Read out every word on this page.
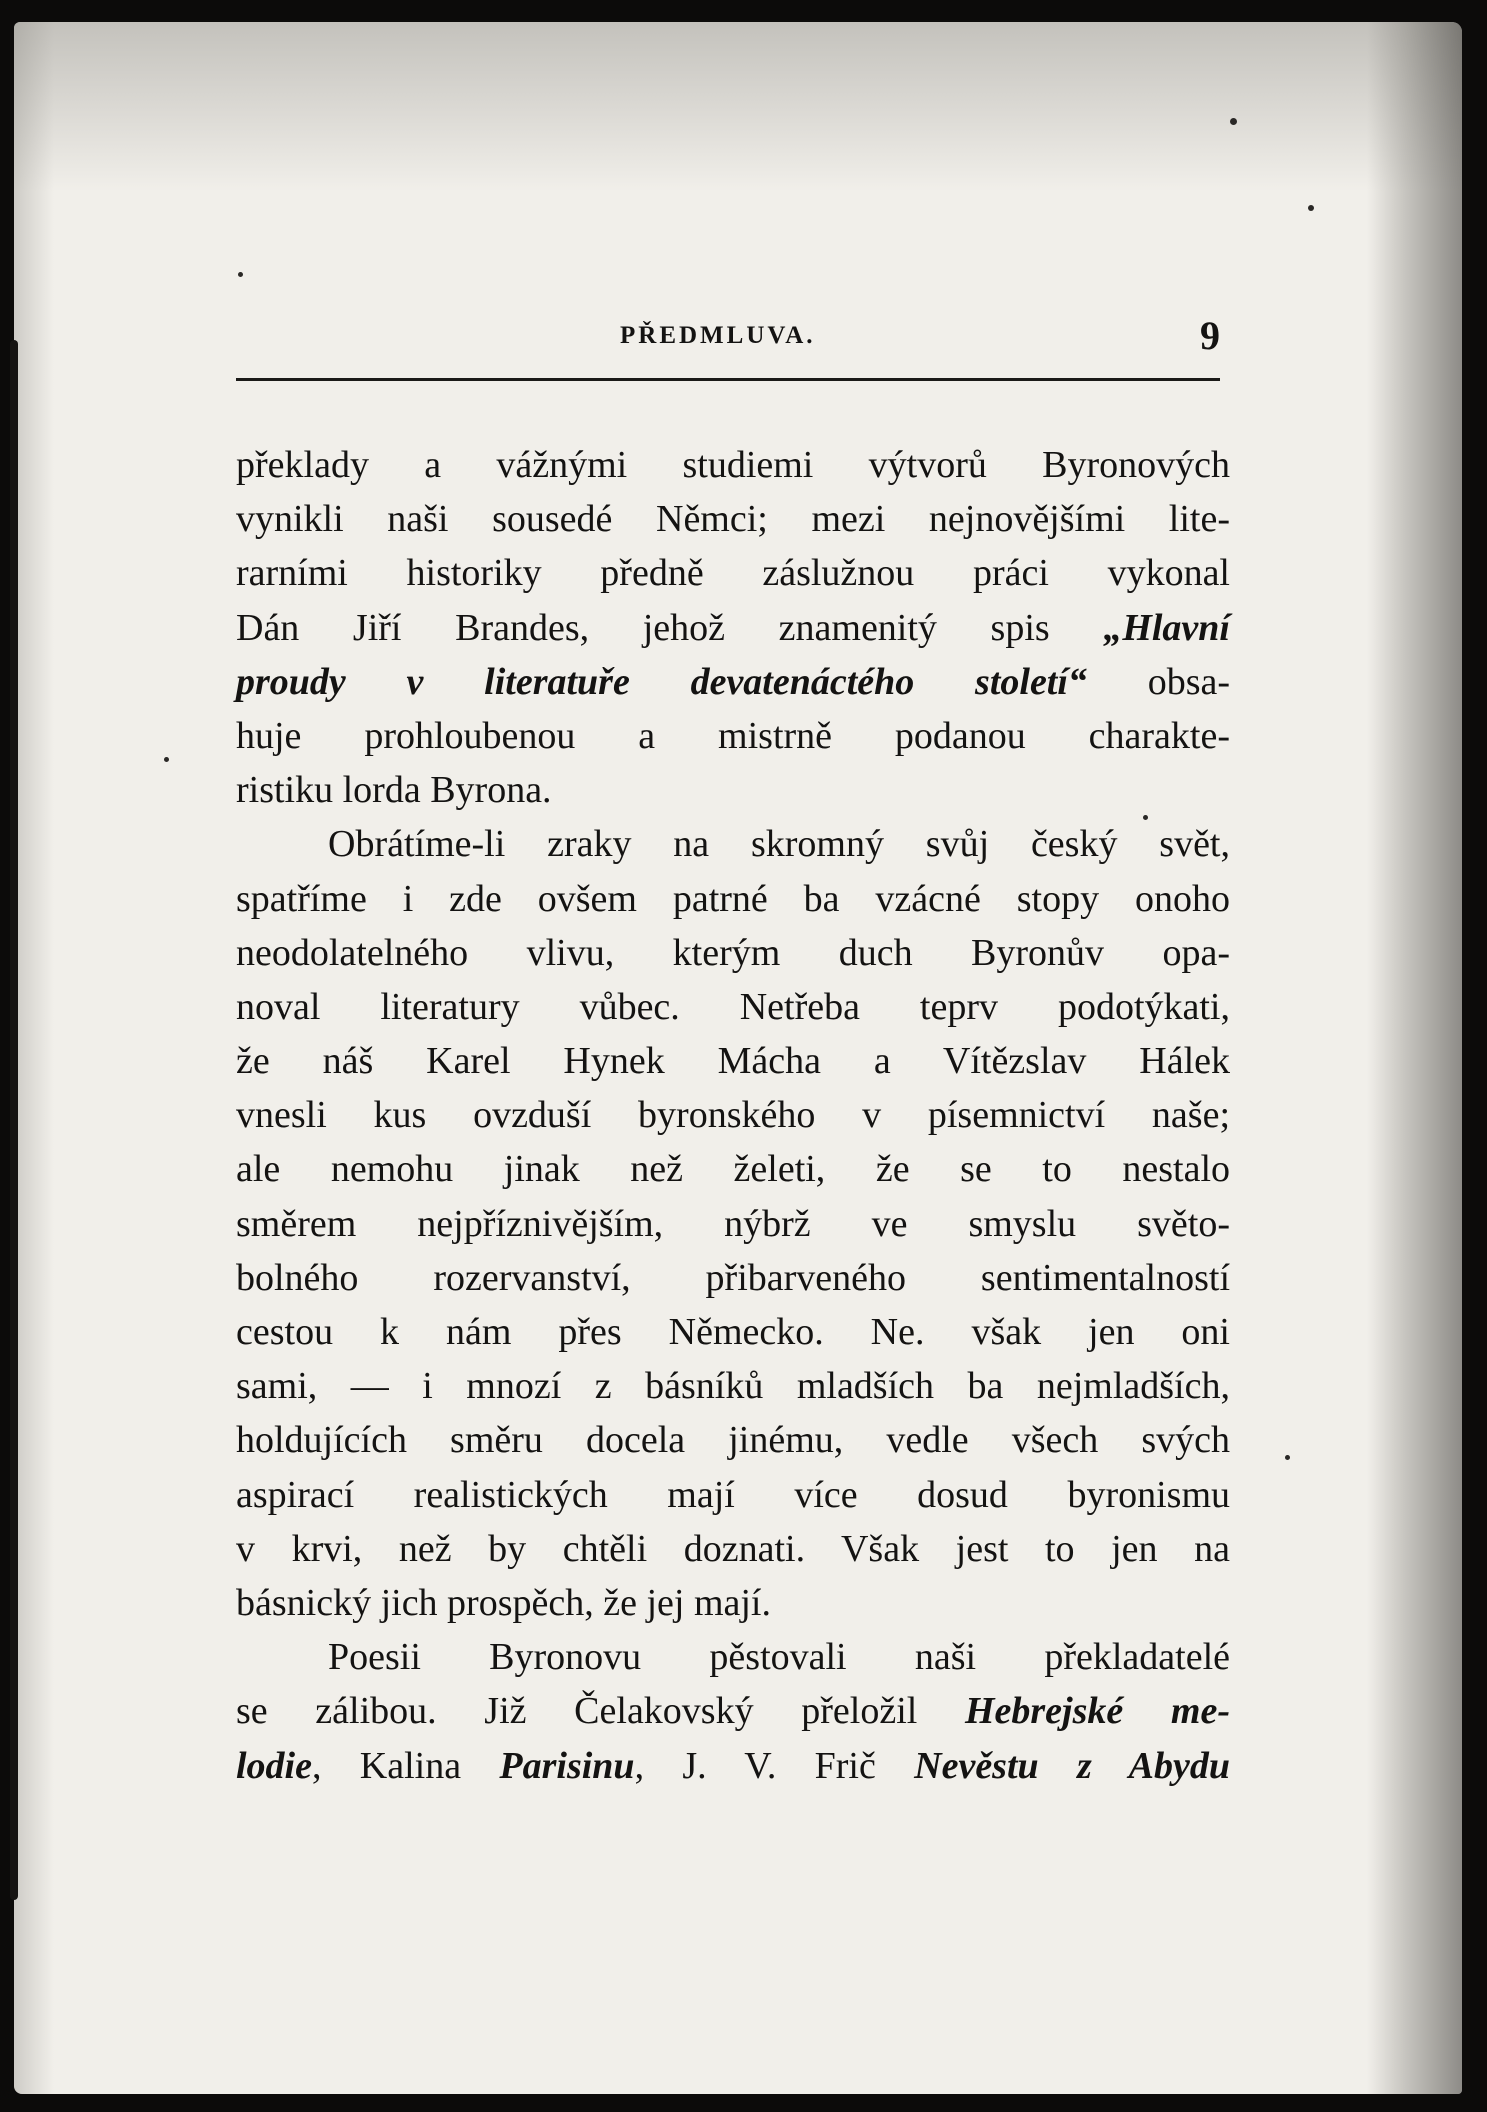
PŘEDMLUVA.	9
překlady a vážnými studiemi výtvorů Byronových
vynikli naši sousedé Němci; mezi nejnovějšími lite-
rarními historiky předně záslužnou práci vykonal
Dán Jiří Brandes, jehož znamenitý spis „Hlavní
proudy v literatuře devatenáctého století“ obsa-
huje prohloubenou a mistrně podanou charakte-
ristiku lorda Byrona.
Obrátíme-li zraky na skromný svůj český svět,
spatříme i zde ovšem patrné ba vzácné stopy onoho
neodolatelného vlivu, kterým duch Byronův opa-
noval literatury vůbec. Netřeba teprv podotýkati,
že náš Karel Hynek Mácha a Vítězslav Hálek
vnesli kus ovzduší byronského v písemnictví naše;
ale nemohu jinak než želeti, že se to nestalo
směrem nejpříznivějším, nýbrž ve smyslu světo-
bolného rozervanství, přibarveného sentimentalností
cestou k nám přes Německo. Ne. však jen oni
sami, — i mnozí z básníků mladších ba nejmladších,
holdujících směru docela jinému, vedle všech svých
aspirací realistických mají více dosud byronismu
v krvi, než by chtěli doznati. Však jest to jen na
básnický jich prospěch, že jej mají.
Poesii Byronovu pěstovali naši překladatelé
se zálibou. Již Čelakovský přeložil Hebrejské me-
lodie, Kalina Parisinu, J. V. Frič Nevěstu z Abydu
